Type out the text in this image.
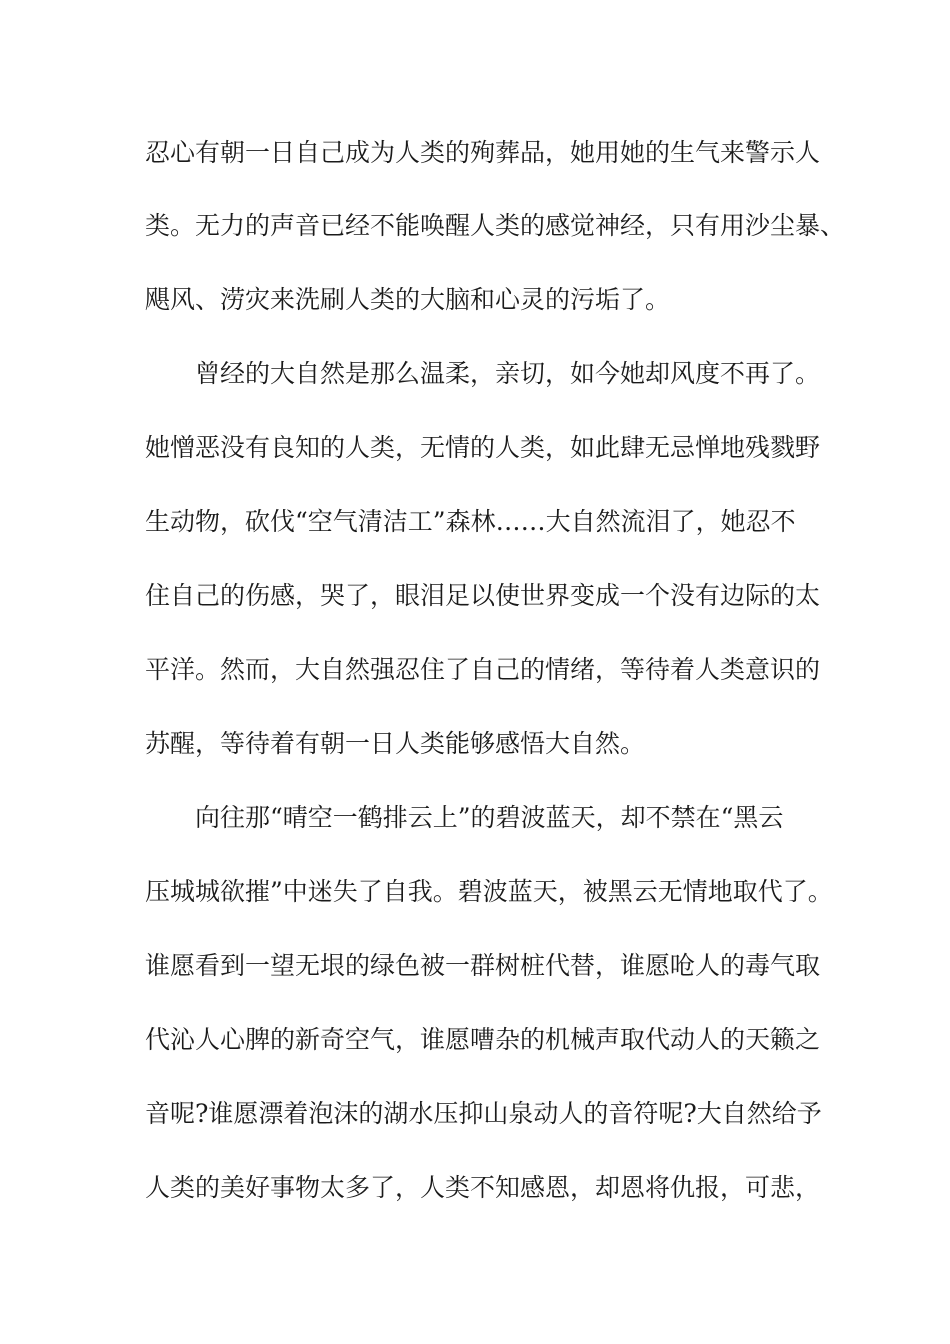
忍心有朝一日自己成为人类的殉葬品，她用她的生气来警示人
类。无力的声音已经不能唤醒人类的感觉神经，只有用沙尘暴、
飓风、涝灾来洗刷人类的大脑和心灵的污垢了。
曾经的大自然是那么温柔，亲切，如今她却风度不再了。
她憎恶没有良知的人类，无情的人类，如此肆无忌惮地残戮野
生动物，砍伐“空气清洁工”森林……大自然流泪了，她忍不
住自己的伤感，哭了，眼泪足以使世界变成一个没有边际的太
平洋。然而，大自然强忍住了自己的情绪，等待着人类意识的
苏醒，等待着有朝一日人类能够感悟大自然。
向往那“晴空一鹤排云上”的碧波蓝天，却不禁在“黑云
压城城欲摧”中迷失了自我。碧波蓝天，被黑云无情地取代了。
谁愿看到一望无垠的绿色被一群树桩代替，谁愿呛人的毒气取
代沁人心脾的新奇空气，谁愿嘈杂的机械声取代动人的天籁之
音呢?谁愿漂着泡沫的湖水压抑山泉动人的音符呢?大自然给予
人类的美好事物太多了，人类不知感恩，却恩将仇报，可悲，
